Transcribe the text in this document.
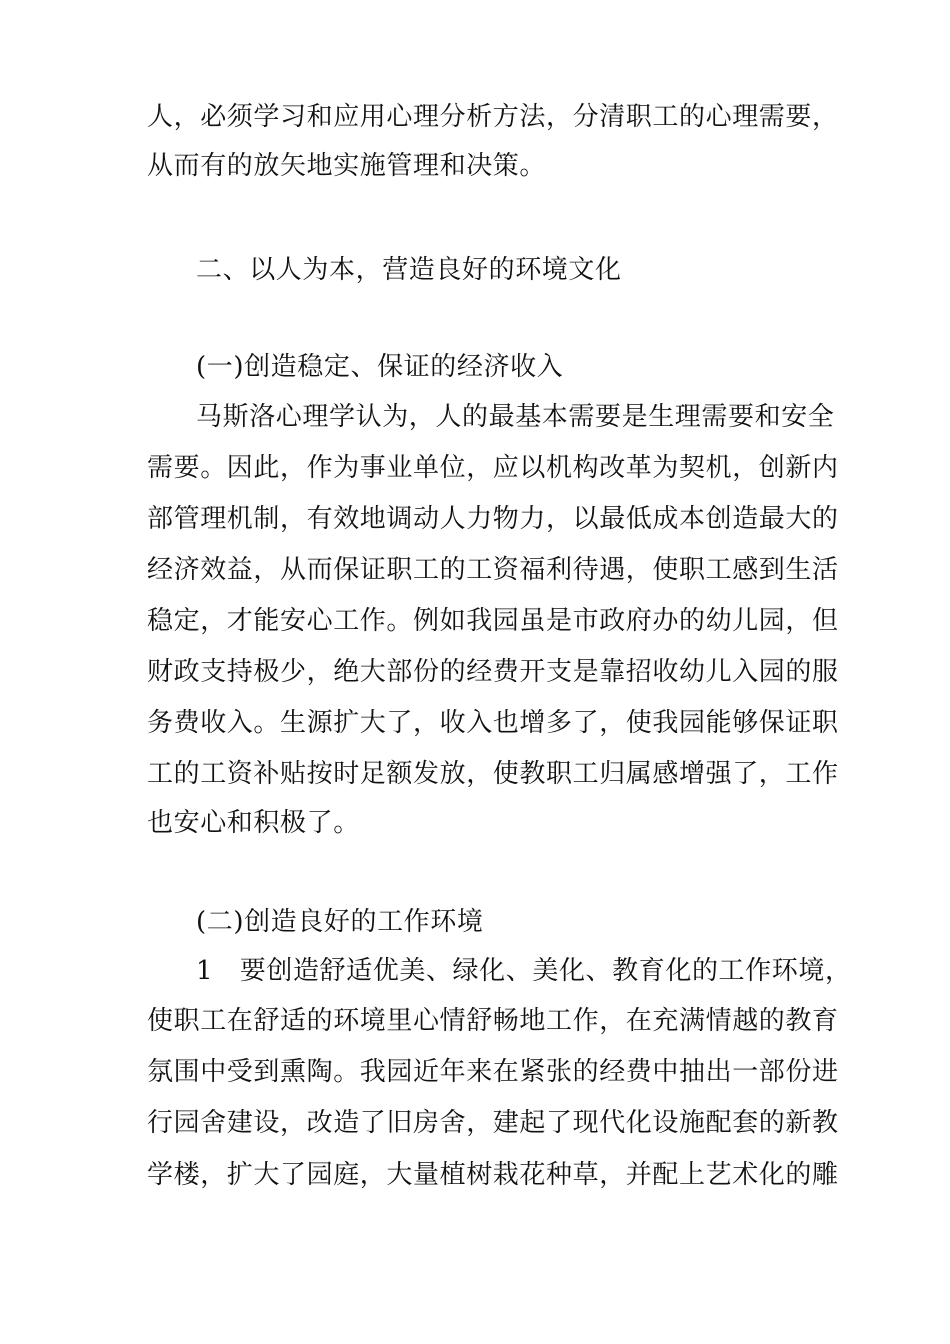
人，必须学习和应用心理分析方法，分清职工的心理需要，
从而有的放矢地实施管理和决策。
二、以人为本，营造良好的环境文化
(一)创造稳定、保证的经济收入
马斯洛心理学认为，人的最基本需要是生理需要和安全
需要。因此，作为事业单位，应以机构改革为契机，创新内
部管理机制，有效地调动人力物力，以最低成本创造最大的
经济效益，从而保证职工的工资福利待遇，使职工感到生活
稳定，才能安心工作。例如我园虽是市政府办的幼儿园，但
财政支持极少，绝大部份的经费开支是靠招收幼儿入园的服
务费收入。生源扩大了，收入也增多了，使我园能够保证职
工的工资补贴按时足额发放，使教职工归属感增强了，工作
也安心和积极了。
(二)创造良好的工作环境
1　要创造舒适优美、绿化、美化、教育化的工作环境，
使职工在舒适的环境里心情舒畅地工作，在充满情越的教育
氛围中受到熏陶。我园近年来在紧张的经费中抽出一部份进
行园舍建设，改造了旧房舍，建起了现代化设施配套的新教
学楼，扩大了园庭，大量植树栽花种草，并配上艺术化的雕
